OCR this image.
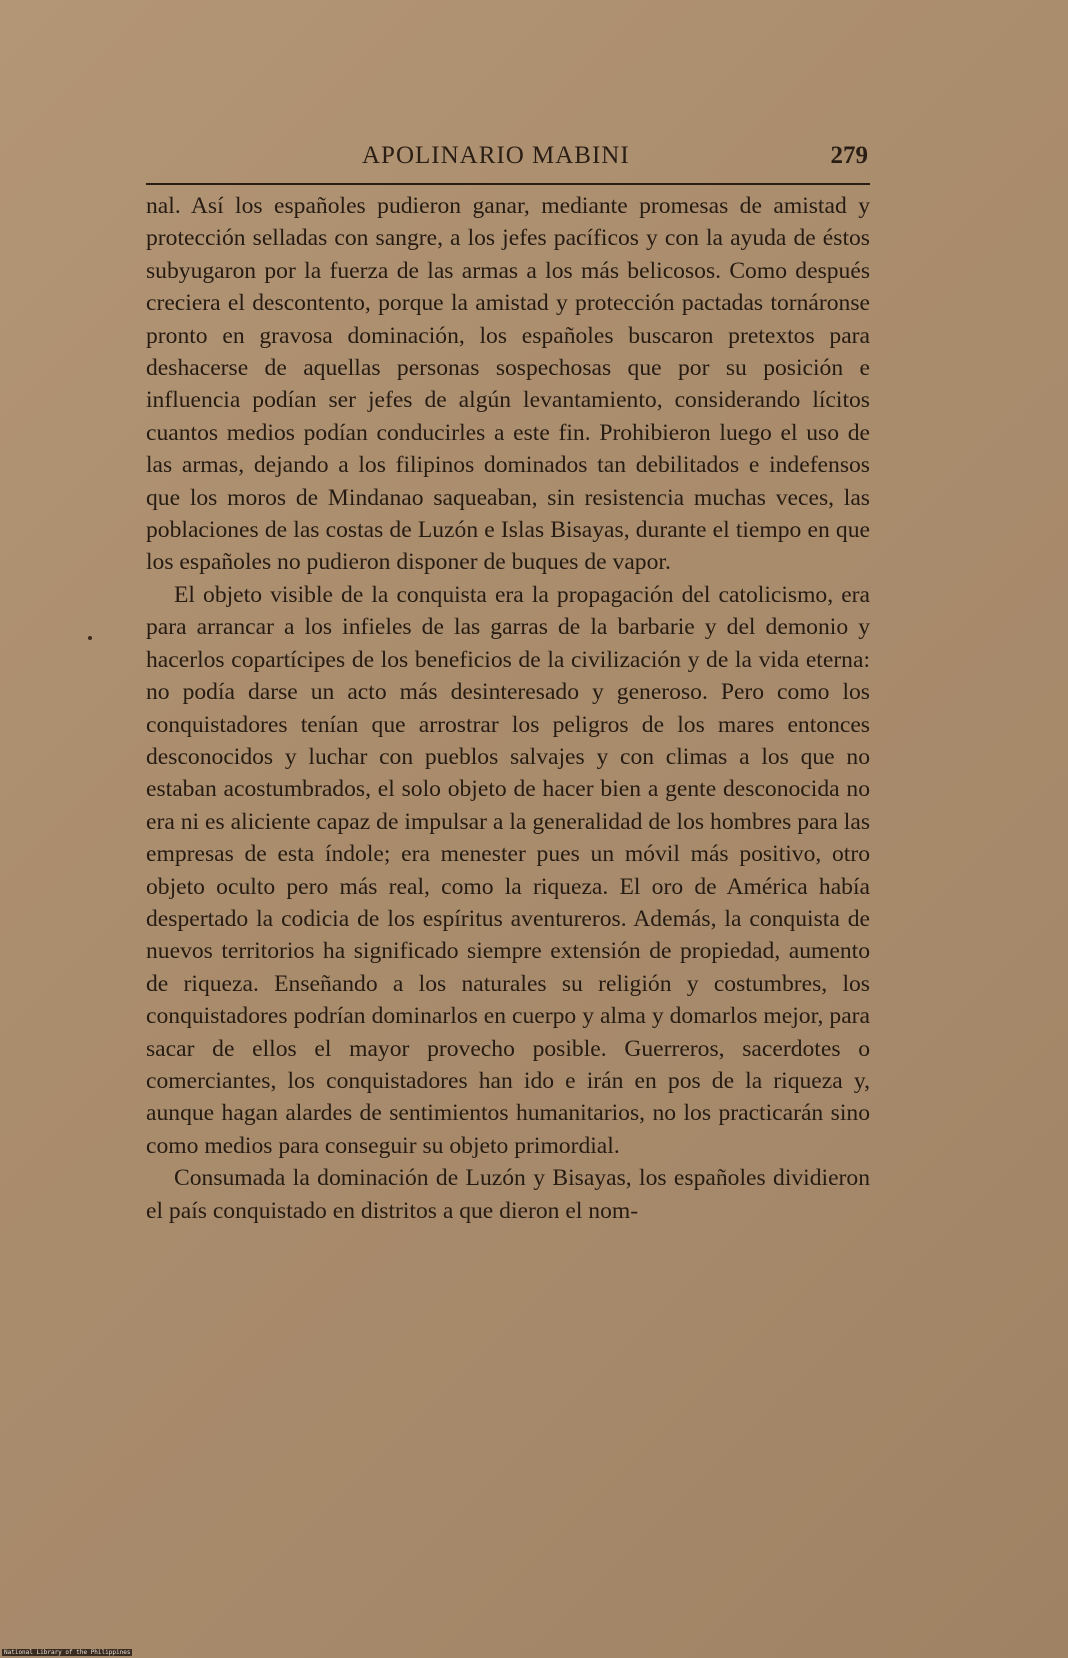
APOLINARIO MABINI	279

nal. Así los españoles pudieron ganar, mediante promesas de amistad y protección selladas con sangre, a los jefes pacíficos y con la ayuda de éstos subyugaron por la fuerza de las armas a los más belicosos. Como después creciera el descontento, porque la amistad y protección pactadas tornáronse pronto en gravosa dominación, los españoles buscaron pretextos para deshacerse de aquellas personas sospechosas que por su posición e influencia podían ser jefes de algún levantamiento, considerando lícitos cuantos medios podían conducirles a este fin. Prohibieron luego el uso de las armas, dejando a los filipinos dominados tan debilitados e indefensos que los moros de Mindanao saqueaban, sin resistencia muchas veces, las poblaciones de las costas de Luzón e Islas Bisayas, durante el tiempo en que los españoles no pudieron disponer de buques de vapor.

El objeto visible de la conquista era la propagación del catolicismo, era para arrancar a los infieles de las garras de la barbarie y del demonio y hacerlos copartícipes de los beneficios de la civilización y de la vida eterna: no podía darse un acto más desinteresado y generoso. Pero como los conquistadores tenían que arrostrar los peligros de los mares entonces desconocidos y luchar con pueblos salvajes y con climas a los que no estaban acostumbrados, el solo objeto de hacer bien a gente desconocida no era ni es aliciente capaz de impulsar a la generalidad de los hombres para las empresas de esta índole; era menester pues un móvil más positivo, otro objeto oculto pero más real, como la riqueza. El oro de América había despertado la codicia de los espíritus aventureros. Además, la conquista de nuevos territorios ha significado siempre extensión de propiedad, aumento de riqueza. Enseñando a los naturales su religión y costumbres, los conquistadores podrían dominarlos en cuerpo y alma y domarlos mejor, para sacar de ellos el mayor provecho posible. Guerreros, sacerdotes o comerciantes, los conquistadores han ido e irán en pos de la riqueza y, aunque hagan alardes de sentimientos humanitarios, no los practicarán sino como medios para conseguir su objeto primordial.

Consumada la dominación de Luzón y Bisayas, los españoles dividieron el país conquistado en distritos a que dieron el nom-

National Library of the Philippines
